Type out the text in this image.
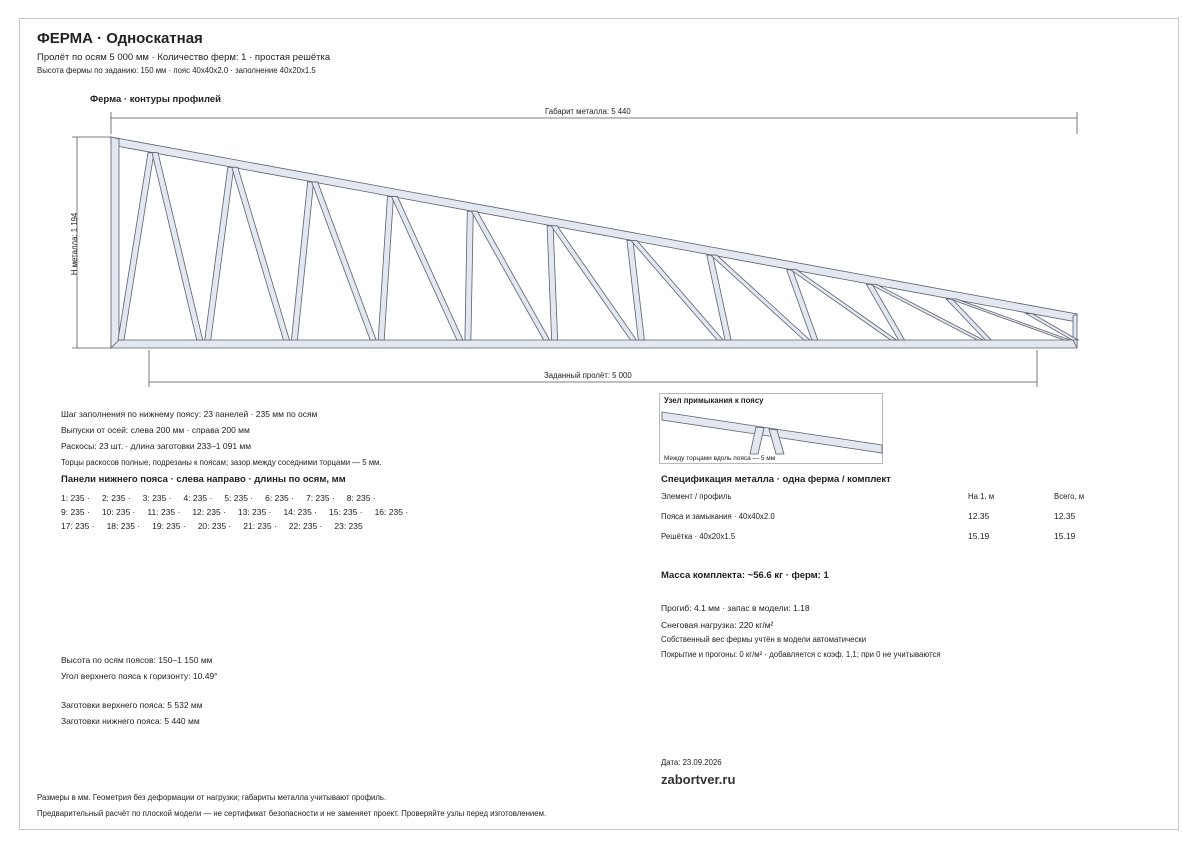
ФЕРМА · Односкатная
Пролёт по осям 5 000 мм · Количество ферм: 1 · простая решётка
Высота фермы по заданию: 150 мм · пояс 40х40х2.0 · заполнение 40х20х1.5
Ферма · контуры профилей
Габарит металла: 5 440
H металла: 1 194
Заданный пролёт: 5 000
Узел примыкания к поясу
Между торцами вдоль пояса — 5 мм
Шаг заполнения по нижнему поясу: 23 панелей · 235 мм по осям
Выпуски от осей: слева 200 мм · справа 200 мм
Раскосы: 23 шт. · длина заготовки 233–1 091 мм
Торцы раскосов полные, подрезаны к поясам; зазор между соседними торцами — 5 мм.
Панели нижнего пояса · слева направо · длины по осям, мм
1: 235 · 2: 235 · 3: 235 · 4: 235 · 5: 235 · 6: 235 · 7: 235 · 8: 235 ·
9: 235 · 10: 235 · 11: 235 · 12: 235 · 13: 235 · 14: 235 · 15: 235 · 16: 235 ·
17: 235 · 18: 235 · 19: 235 · 20: 235 · 21: 235 · 22: 235 · 23: 235
Высота по осям поясов: 150–1 150 мм
Угол верхнего пояса к горизонту: 10.49°
Заготовки верхнего пояса: 5 532 мм
Заготовки нижнего пояса: 5 440 мм
Спецификация металла · одна ферма / комплект
Элемент / профиль	На 1, м	Всего, м
Пояса и замыкания · 40х40х2.0	12.35	12.35
Решётка · 40х20х1.5	15.19	15.19
Масса комплекта: ~56.6 кг · ферм: 1
Прогиб: 4.1 мм · запас в модели: 1.18
Снеговая нагрузка: 220 кг/м²
Собственный вес фермы учтён в модели автоматически
Покрытие и прогоны: 0 кг/м² · добавляется с коэф. 1,1; при 0 не учитываются
Дата: 23.09.2026
zabortver.ru
Размеры в мм. Геометрия без деформации от нагрузки; габариты металла учитывают профиль.
Предварительный расчёт по плоской модели — не сертификат безопасности и не заменяет проект. Проверяйте узлы перед изготовлением.
